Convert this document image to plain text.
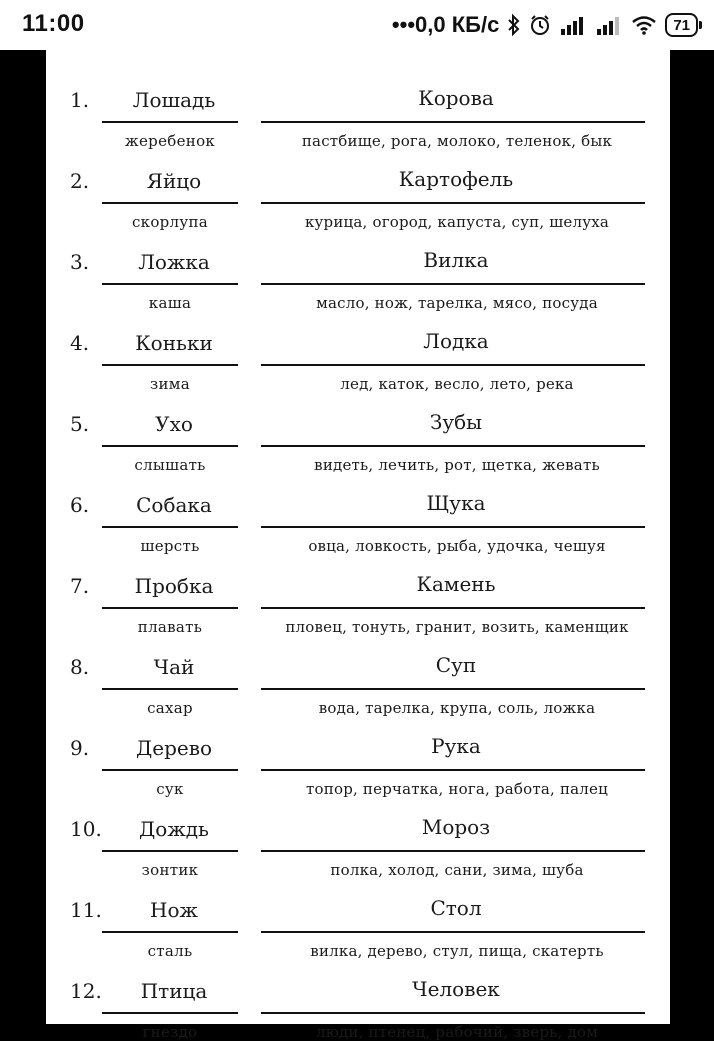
11:00	•••0,0 КБ/с	71
1.	Лошадь	Корова
жеребенок	пастбище, рога, молоко, теленок, бык
2.	Яйцо	Картофель
скорлупа	курица, огород, капуста, суп, шелуха
3.	Ложка	Вилка
каша	масло, нож, тарелка, мясо, посуда
4.	Коньки	Лодка
зима	лед, каток, весло, лето, река
5.	Ухо	Зубы
слышать	видеть, лечить, рот, щетка, жевать
6.	Собака	Щука
шерсть	овца, ловкость, рыба, удочка, чешуя
7.	Пробка	Камень
плавать	пловец, тонуть, гранит, возить, каменщик
8.	Чай	Суп
сахар	вода, тарелка, крупа, соль, ложка
9.	Дерево	Рука
сук	топор, перчатка, нога, работа, палец
10.	Дождь	Мороз
зонтик	полка, холод, сани, зима, шуба
11.	Нож	Стол
сталь	вилка, дерево, стул, пища, скатерть
12.	Птица	Человек
гнездо	люди, птенец, рабочий, зверь, дом
